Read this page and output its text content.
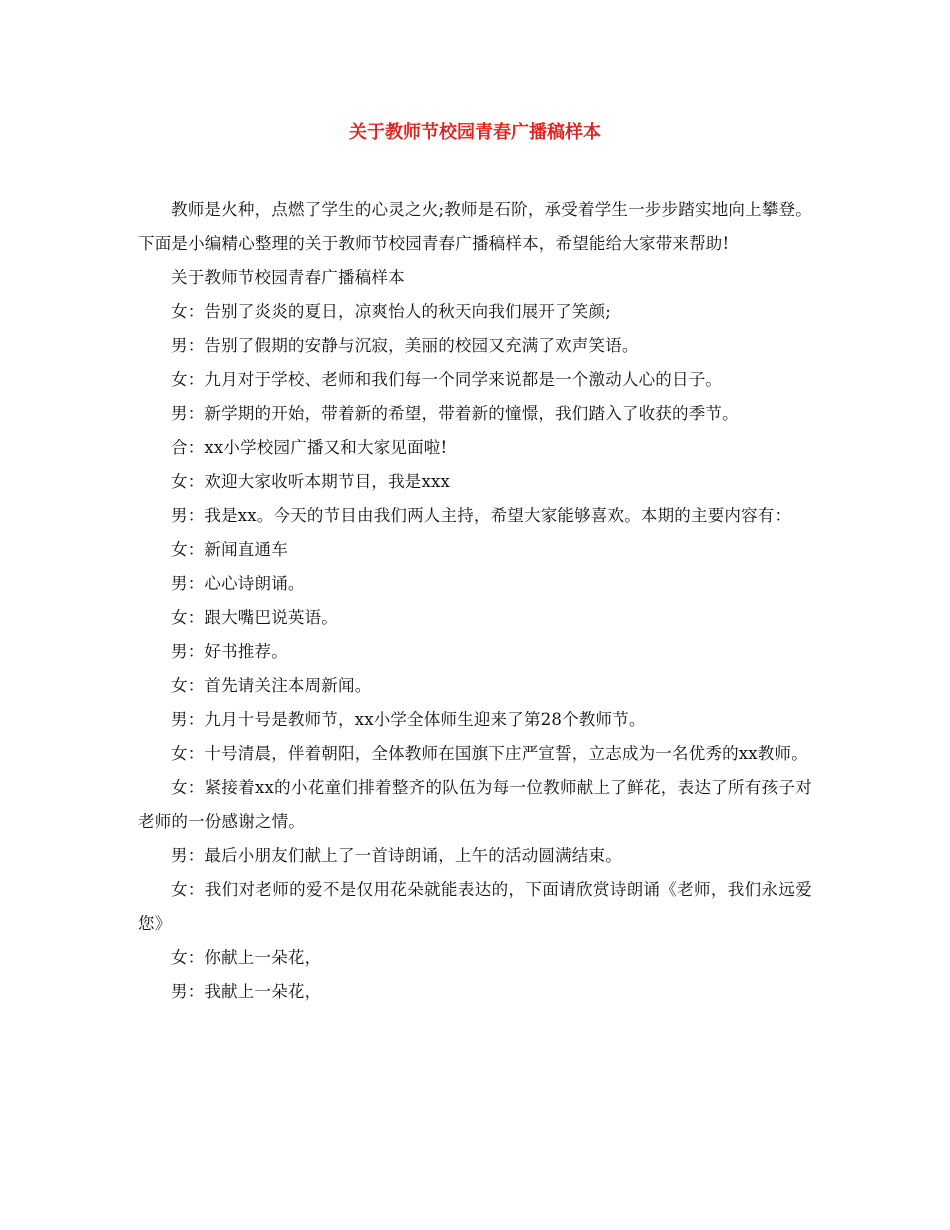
关于教师节校园青春广播稿样本

教师是火种，点燃了学生的心灵之火;教师是石阶，承受着学生一步步踏实地向上攀登。下面是小编精心整理的关于教师节校园青春广播稿样本，希望能给大家带来帮助!

关于教师节校园青春广播稿样本

女：告别了炎炎的夏日，凉爽怡人的秋天向我们展开了笑颜;

男：告别了假期的安静与沉寂，美丽的校园又充满了欢声笑语。

女：九月对于学校、老师和我们每一个同学来说都是一个激动人心的日子。

男：新学期的开始，带着新的希望，带着新的憧憬，我们踏入了收获的季节。

合：xx小学校园广播又和大家见面啦!

女：欢迎大家收听本期节目，我是xxx

男：我是xx。今天的节目由我们两人主持，希望大家能够喜欢。本期的主要内容有：

女：新闻直通车

男：心心诗朗诵。

女：跟大嘴巴说英语。

男：好书推荐。

女：首先请关注本周新闻。

男：九月十号是教师节，xx小学全体师生迎来了第28个教师节。

女：十号清晨，伴着朝阳，全体教师在国旗下庄严宣誓，立志成为一名优秀的xx教师。

女：紧接着xx的小花童们排着整齐的队伍为每一位教师献上了鲜花，表达了所有孩子对老师的一份感谢之情。

男：最后小朋友们献上了一首诗朗诵，上午的活动圆满结束。

女：我们对老师的爱不是仅用花朵就能表达的，下面请欣赏诗朗诵《老师，我们永远爱您》

女：你献上一朵花，

男：我献上一朵花，
